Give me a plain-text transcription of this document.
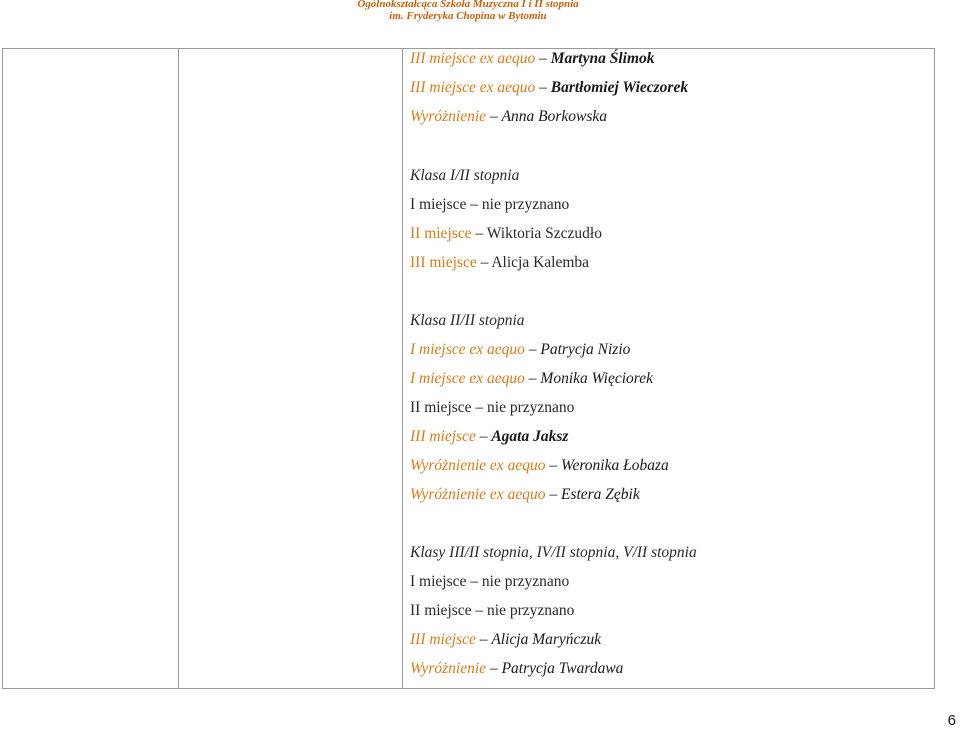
Ogólnokształcąca Szkoła Muzyczna I i II stopnia
im. Fryderyka Chopina w Bytomiu
III miejsce ex aequo – Martyna Ślimok
III miejsce ex aequo – Bartłomiej Wieczorek
Wyróżnienie – Anna Borkowska
Klasa I/II stopnia
I miejsce – nie przyznano
II miejsce – Wiktoria Szczudło
III miejsce – Alicja Kalemba
Klasa II/II stopnia
I miejsce ex aequo – Patrycja Nizio
I miejsce ex aequo – Monika Więciorek
II miejsce – nie przyznano
III miejsce – Agata Jaksz
Wyróżnienie ex aequo – Weronika Łobaza
Wyróżnienie ex aequo – Estera Zębik
Klasy III/II stopnia, IV/II stopnia, V/II stopnia
I miejsce – nie przyznano
II miejsce – nie przyznano
III miejsce – Alicja Maryńczuk
Wyróżnienie – Patrycja Twardawa
6
